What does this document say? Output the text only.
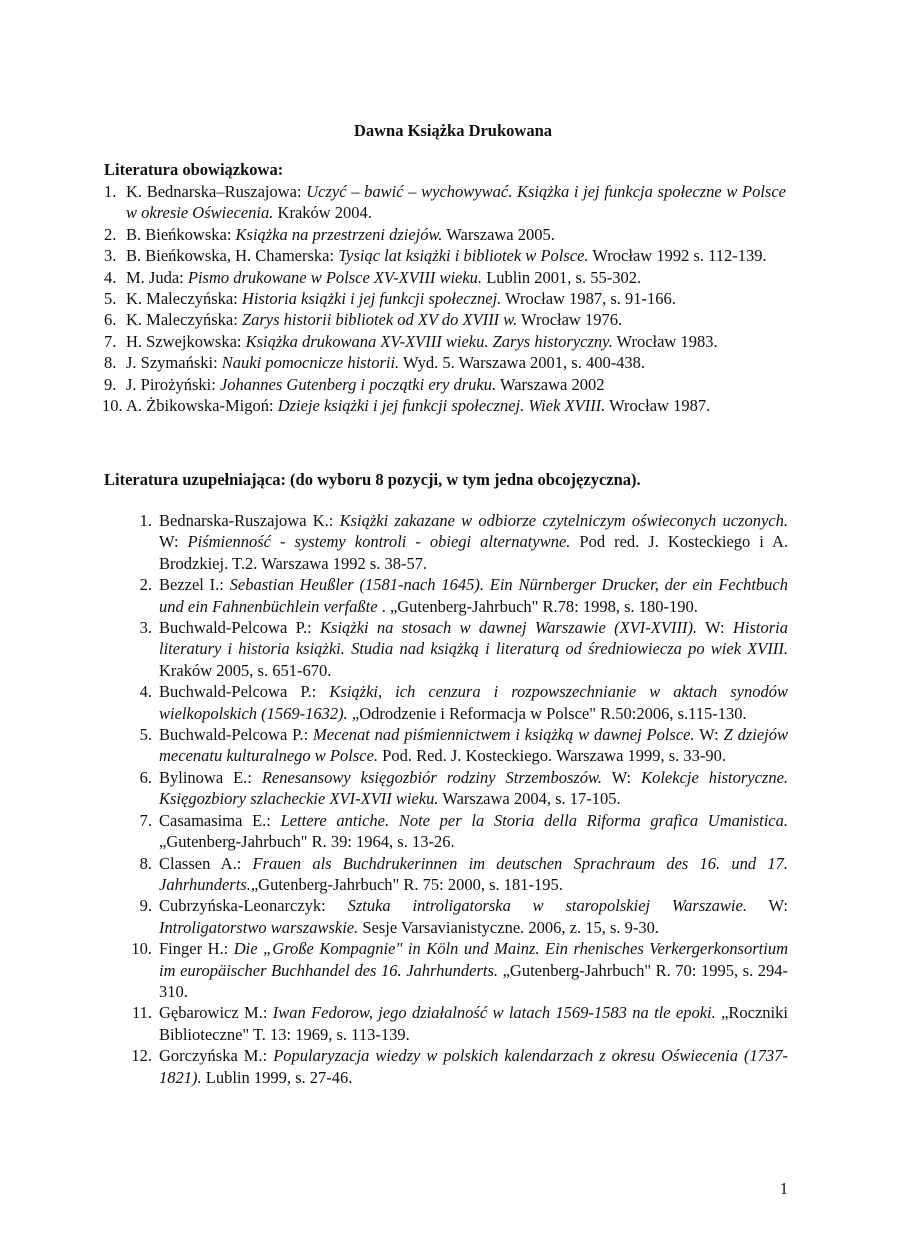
Dawna Książka Drukowana
Literatura obowiązkowa:
1. K. Bednarska–Ruszajowa: Uczyć – bawić – wychowywać. Książka i jej funkcja społeczne w Polsce w okresie Oświecenia. Kraków 2004.
2. B. Bieńkowska: Książka na przestrzeni dziejów. Warszawa 2005.
3. B. Bieńkowska, H. Chamerska: Tysiąc lat książki i bibliotek w Polsce. Wrocław 1992 s. 112-139.
4. M. Juda: Pismo drukowane w Polsce XV-XVIII wieku. Lublin 2001, s. 55-302.
5. K. Maleczyńska: Historia książki i jej funkcji społecznej. Wrocław 1987, s. 91-166.
6. K. Maleczyńska: Zarys historii bibliotek od XV do XVIII w. Wrocław 1976.
7. H. Szwejkowska: Książka drukowana XV-XVIII wieku. Zarys historyczny. Wrocław 1983.
8. J. Szymański: Nauki pomocnicze historii. Wyd. 5. Warszawa 2001, s. 400-438.
9. J. Pirożyński: Johannes Gutenberg i początki ery druku. Warszawa 2002
10. A. Żbikowska-Migoń: Dzieje książki i jej funkcji społecznej. Wiek XVIII. Wrocław 1987.
Literatura uzupełniająca: (do wyboru 8 pozycji, w tym jedna obcojęzyczna).
1. Bednarska-Ruszajowa K.: Książki zakazane w odbiorze czytelniczym oświeconych uczonych. W: Piśmienność - systemy kontroli - obiegi alternatywne. Pod red. J. Kosteckiego i A. Brodzkiej. T.2. Warszawa 1992 s. 38-57.
2. Bezzel I.: Sebastian Heußler (1581-nach 1645). Ein Nürnberger Drucker, der ein Fechtbuch und ein Fahnenbüchlein verfaßte . „Gutenberg-Jahrbuch" R.78: 1998, s. 180-190.
3. Buchwald-Pelcowa P.: Książki na stosach w dawnej Warszawie (XVI-XVIII). W: Historia literatury i historia książki. Studia nad książką i literaturą od średniowiecza po wiek XVIII. Kraków 2005, s. 651-670.
4. Buchwald-Pelcowa P.: Książki, ich cenzura i rozpowszechnianie w aktach synodów wielkopolskich (1569-1632). „Odrodzenie i Reformacja w Polsce" R.50:2006, s.115-130.
5. Buchwald-Pelcowa P.: Mecenat nad piśmiennictwem i książką w dawnej Polsce. W: Z dziejów mecenatu kulturalnego w Polsce. Pod. Red. J. Kosteckiego. Warszawa 1999, s. 33-90.
6. Bylinowa E.: Renesansowy księgozbiór rodziny Strzemboszów. W: Kolekcje historyczne. Księgozbiory szlacheckie XVI-XVII wieku. Warszawa 2004, s. 17-105.
7. Casamasima E.: Lettere antiche. Note per la Storia della Riforma grafica Umanistica.„Gutenberg-Jahrbuch" R. 39: 1964, s. 13-26.
8. Classen A.: Frauen als Buchdrukerinnen im deutschen Sprachraum des 16. und 17. Jahrhunderts.„Gutenberg-Jahrbuch" R. 75: 2000, s. 181-195.
9. Cubrzyńska-Leonarczyk: Sztuka introligatorska w staropolskiej Warszawie. W: Introligatorstwo warszawskie. Sesje Varsavianistyczne. 2006, z. 15, s. 9-30.
10. Finger H.: Die „Große Kompagnie" in Köln und Mainz. Ein rhenisches Verkergerkonsortium im europäischer Buchhandel des 16. Jahrhunderts. „Gutenberg-Jahrbuch" R. 70: 1995, s. 294-310.
11. Gębarowicz M.: Iwan Fedorow, jego działalność w latach 1569-1583 na tle epoki. „Roczniki Biblioteczne" T. 13: 1969, s. 113-139.
12. Gorczyńska M.: Popularyzacja wiedzy w polskich kalendarzach z okresu Oświecenia (1737-1821). Lublin 1999, s. 27-46.
1
